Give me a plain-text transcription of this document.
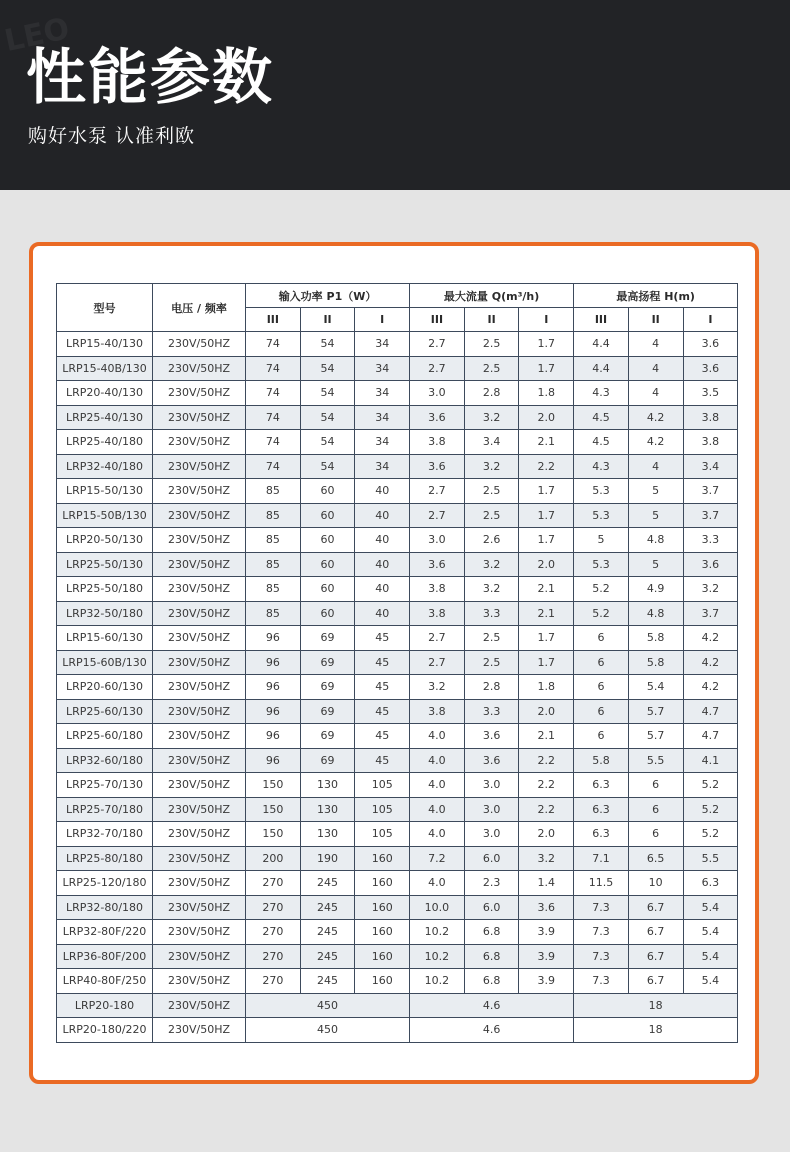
LEO
性能参数
购好水泵 认准利欧
型号	电压 / 频率	输入功率 P1（W）			最大流量 Q(m³/h)			最高扬程 H(m)		
		III	II	I	III	II	I	III	II	I
LRP15-40/130	230V/50HZ	74	54	34	2.7	2.5	1.7	4.4	4	3.6
LRP15-40B/130	230V/50HZ	74	54	34	2.7	2.5	1.7	4.4	4	3.6
LRP20-40/130	230V/50HZ	74	54	34	3.0	2.8	1.8	4.3	4	3.5
LRP25-40/130	230V/50HZ	74	54	34	3.6	3.2	2.0	4.5	4.2	3.8
LRP25-40/180	230V/50HZ	74	54	34	3.8	3.4	2.1	4.5	4.2	3.8
LRP32-40/180	230V/50HZ	74	54	34	3.6	3.2	2.2	4.3	4	3.4
LRP15-50/130	230V/50HZ	85	60	40	2.7	2.5	1.7	5.3	5	3.7
LRP15-50B/130	230V/50HZ	85	60	40	2.7	2.5	1.7	5.3	5	3.7
LRP20-50/130	230V/50HZ	85	60	40	3.0	2.6	1.7	5	4.8	3.3
LRP25-50/130	230V/50HZ	85	60	40	3.6	3.2	2.0	5.3	5	3.6
LRP25-50/180	230V/50HZ	85	60	40	3.8	3.2	2.1	5.2	4.9	3.2
LRP32-50/180	230V/50HZ	85	60	40	3.8	3.3	2.1	5.2	4.8	3.7
LRP15-60/130	230V/50HZ	96	69	45	2.7	2.5	1.7	6	5.8	4.2
LRP15-60B/130	230V/50HZ	96	69	45	2.7	2.5	1.7	6	5.8	4.2
LRP20-60/130	230V/50HZ	96	69	45	3.2	2.8	1.8	6	5.4	4.2
LRP25-60/130	230V/50HZ	96	69	45	3.8	3.3	2.0	6	5.7	4.7
LRP25-60/180	230V/50HZ	96	69	45	4.0	3.6	2.1	6	5.7	4.7
LRP32-60/180	230V/50HZ	96	69	45	4.0	3.6	2.2	5.8	5.5	4.1
LRP25-70/130	230V/50HZ	150	130	105	4.0	3.0	2.2	6.3	6	5.2
LRP25-70/180	230V/50HZ	150	130	105	4.0	3.0	2.2	6.3	6	5.2
LRP32-70/180	230V/50HZ	150	130	105	4.0	3.0	2.0	6.3	6	5.2
LRP25-80/180	230V/50HZ	200	190	160	7.2	6.0	3.2	7.1	6.5	5.5
LRP25-120/180	230V/50HZ	270	245	160	4.0	2.3	1.4	11.5	10	6.3
LRP32-80/180	230V/50HZ	270	245	160	10.0	6.0	3.6	7.3	6.7	5.4
LRP32-80F/220	230V/50HZ	270	245	160	10.2	6.8	3.9	7.3	6.7	5.4
LRP36-80F/200	230V/50HZ	270	245	160	10.2	6.8	3.9	7.3	6.7	5.4
LRP40-80F/250	230V/50HZ	270	245	160	10.2	6.8	3.9	7.3	6.7	5.4
LRP20-180	230V/50HZ	450			4.6			18		
LRP20-180/220	230V/50HZ	450			4.6			18		
